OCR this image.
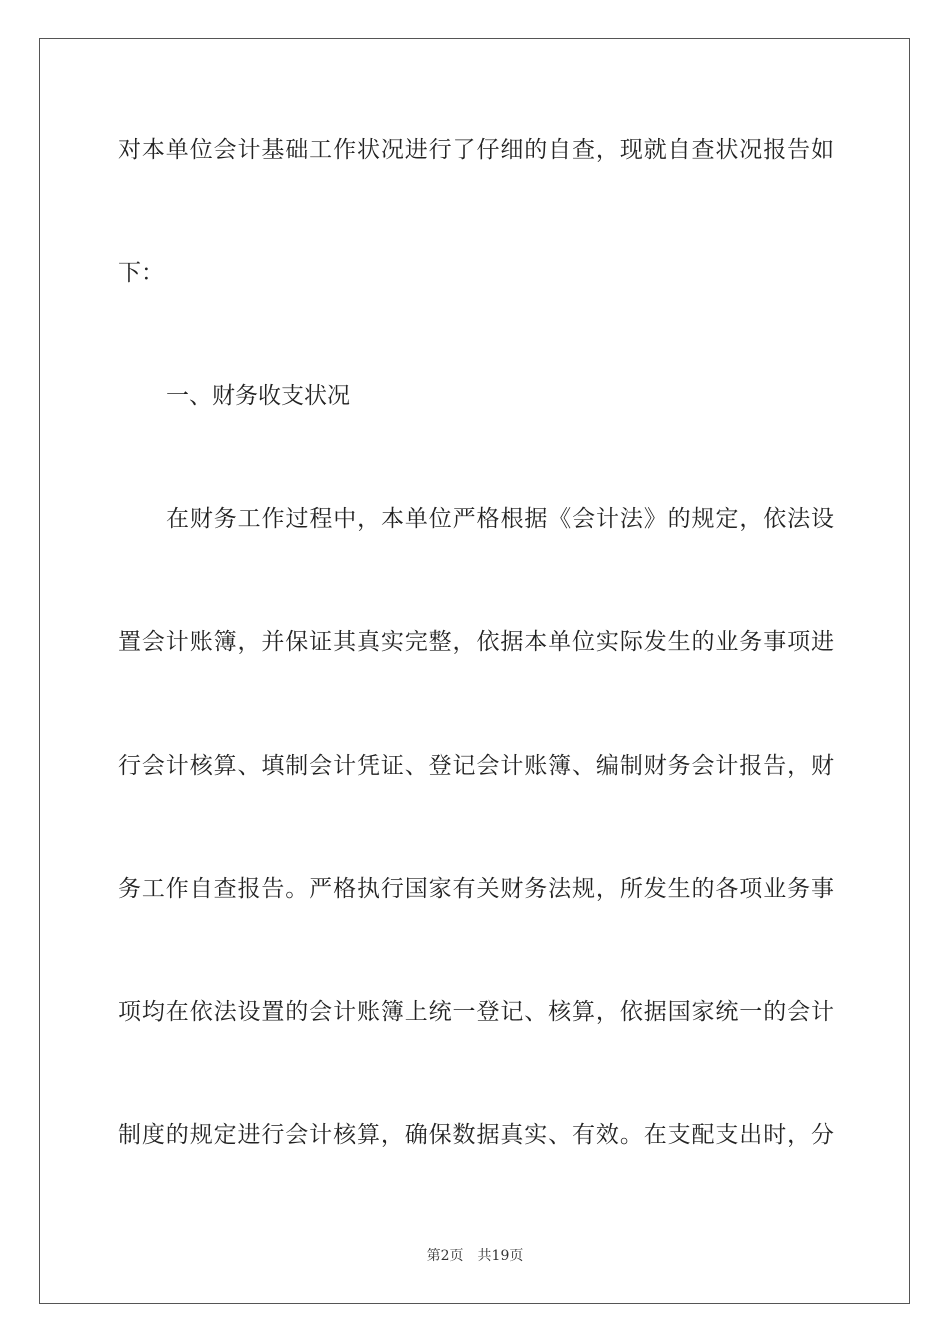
对本单位会计基础工作状况进行了仔细的自查，现就自查状况报告如
下：
一、财务收支状况
在财务工作过程中，本单位严格根据《会计法》的规定，依法设
置会计账簿，并保证其真实完整，依据本单位实际发生的业务事项进
行会计核算、填制会计凭证、登记会计账簿、编制财务会计报告，财
务工作自查报告。严格执行国家有关财务法规，所发生的各项业务事
项均在依法设置的会计账簿上统一登记、核算，依据国家统一的会计
制度的规定进行会计核算，确保数据真实、有效。在支配支出时，分
第2页 共19页
